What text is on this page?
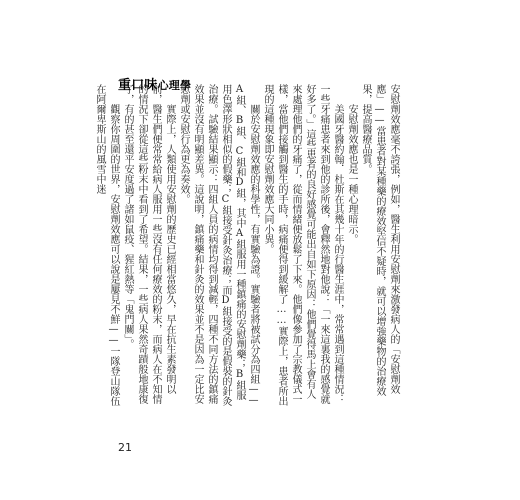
重口味 心理學	安慰劑效應毫不誇張，例如，醫生利用安慰劑來激發病人的「安慰劑效應」——當患者對某種藥的療效堅信不疑時，就可以增強藥物的治療效果，提高醫療品質。

安慰劑效應也是一種心理暗示。

美國牙醫約翰．杜斯在其幾十年的行醫生涯中，常常遇到這種情況：一些牙痛患者來到他的診所後，會釋然地對他說：「一來這裏我的感覺就好多了。」這些患者的良好感覺可能出自如下原因：他們覺得馬上會有人來處理他們的牙痛了，從而情緒便放鬆了下來。他們像參加了宗教儀式一樣，當他們接觸到醫生的手時，病痛便得到緩解了……實際上，患者所出現的這種現象即安慰劑效應大同小異。

關於安慰劑效應的科學性，有實驗為證。實驗者將被試分為四組——A組、B組、C組和D組，其中A組服用一種鎮痛的安慰劑藥；B組服用色澤形狀相似的假藥；C組接受針灸治療；而D組接受的是假裝的針灸治療。試驗結果顯示：四組人員的病情均得到減輕，四種不同方法的鎮痛效果並沒有明顯差異。這說明，鎮痛藥和針灸的效果並不是因為一定比安慰劑或安慰行為更為奏效。

實際上，人類使用安慰劑的歷史已經相當悠久，早在抗生素發明以前，醫生們便常常給病人服用一些沒有任何療效的粉末，而病人在不知情的情況下卻從這些粉末中看到了希望。結果，一些病人果然奇蹟般地康復了，有的甚至還平安度過了諸如鼠疫、猩紅熱等「鬼門關」。

觀察你周圍的世界，安慰劑效應可以說是屢見不鮮——一隊登山隊伍在阿爾卑斯山的風雪中迷

21
